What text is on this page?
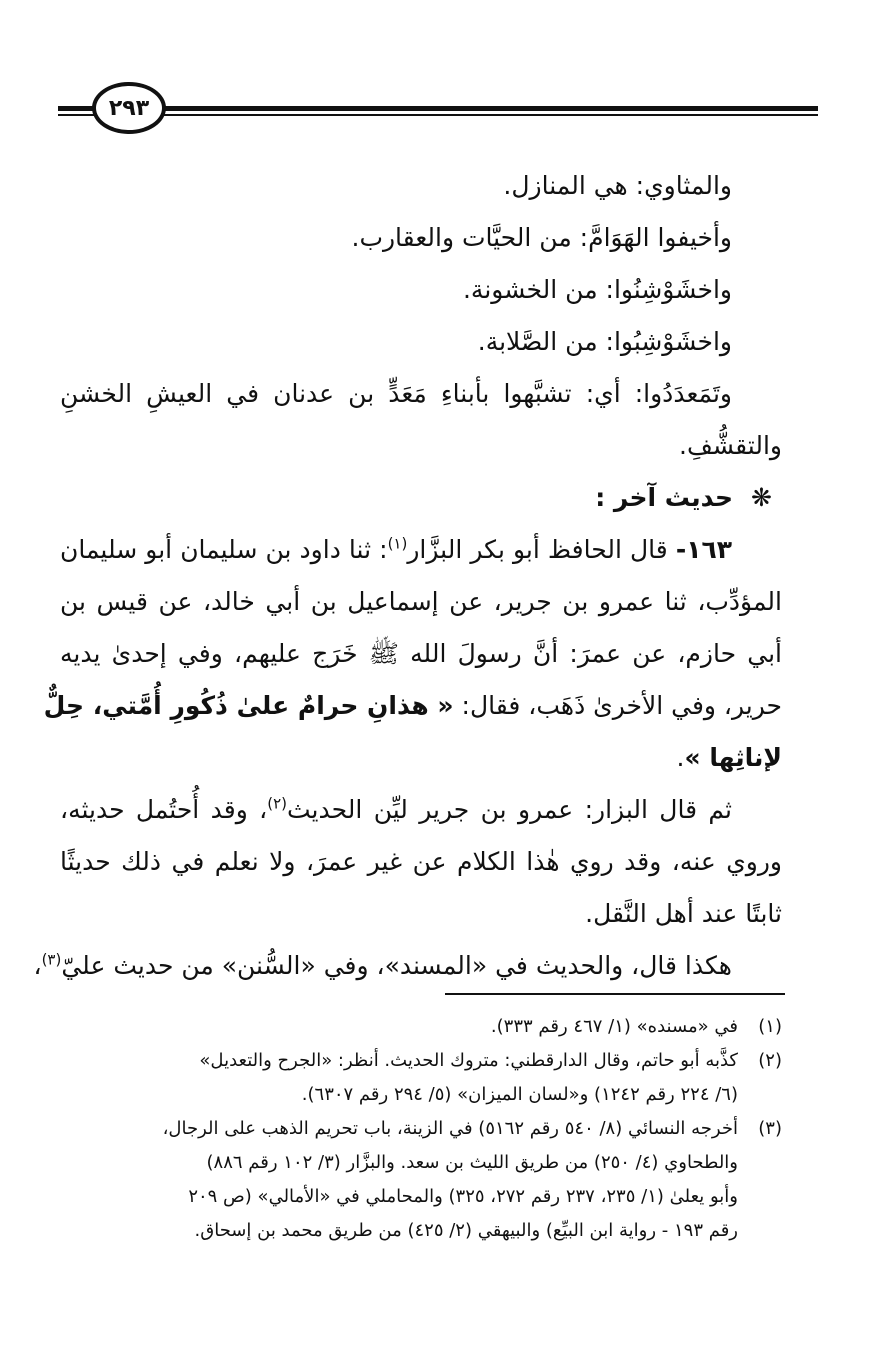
٢٩٣
والمثاوي: هي المنازل.
وأخيفوا الهَوَامَّ: من الحيَّات والعقارب.
واخشَوْشِنُوا: من الخشونة.
واخشَوْشِبُوا: من الصَّلابة.
وتَمَعدَدُوا: أي: تشبَّهوا بأبناءِ مَعَدٍّ بن عدنان في العيشِ الخشنِ
والتقشُّفِ.
❋حديث آخر :
١٦٣- قال الحافظ أبو بكر البزَّار$^{(١)}$: ثنا داود بن سليمان أبو سليمان
المؤدِّب، ثنا عمرو بن جرير، عن إسماعيل بن أبي خالد، عن قيس بن
أبي حازم، عن عمرَ: أنَّ رسولَ الله ﷺ خَرَج عليهم، وفي إحدىٰ يديه
حرير، وفي الأخرىٰ ذَهَب، فقال: « هذانِ حرامٌ علىٰ ذُكُورِ أُمَّتي، حِلٌّ
لإناثِها ».
ثم قال البزار: عمرو بن جرير ليِّن الحديث$^{(٢)}$، وقد أُحتُمل حديثه،
وروي عنه، وقد روي هٰذا الكلام عن غير عمرَ، ولا نعلم في ذلك حديثًا
ثابتًا عند أهل النَّقل.
هكذا قال، والحديث في «المسند»، وفي «السُّنن» من حديث عليّ$^{(٣)}$،
(١)
في «مسنده» (١/ ٤٦٧ رقم ٣٣٣).
(٢)
كذَّبه أبو حاتم، وقال الدارقطني: متروك الحديث. أنظر: «الجرح والتعديل»
(٦/ ٢٢٤ رقم ١٢٤٢) و«لسان الميزان» (٥/ ٢٩٤ رقم ٦٣٠٧).
(٣)
أخرجه النسائي (٨/ ٥٤٠ رقم ٥١٦٢) في الزينة، باب تحريم الذهب على الرجال،
والطحاوي (٤/ ٢٥٠) من طريق الليث بن سعد. والبزَّار (٣/ ١٠٢ رقم ٨٨٦)
وأبو يعلىٰ (١/ ٢٣٥، ٢٣٧ رقم ٢٧٢، ٣٢٥) والمحاملي في «الأمالي» (ص ٢٠٩
رقم ١٩٣ - رواية ابن البيِّع) والبيهقي (٢/ ٤٢٥) من طريق محمد بن إسحاق.
